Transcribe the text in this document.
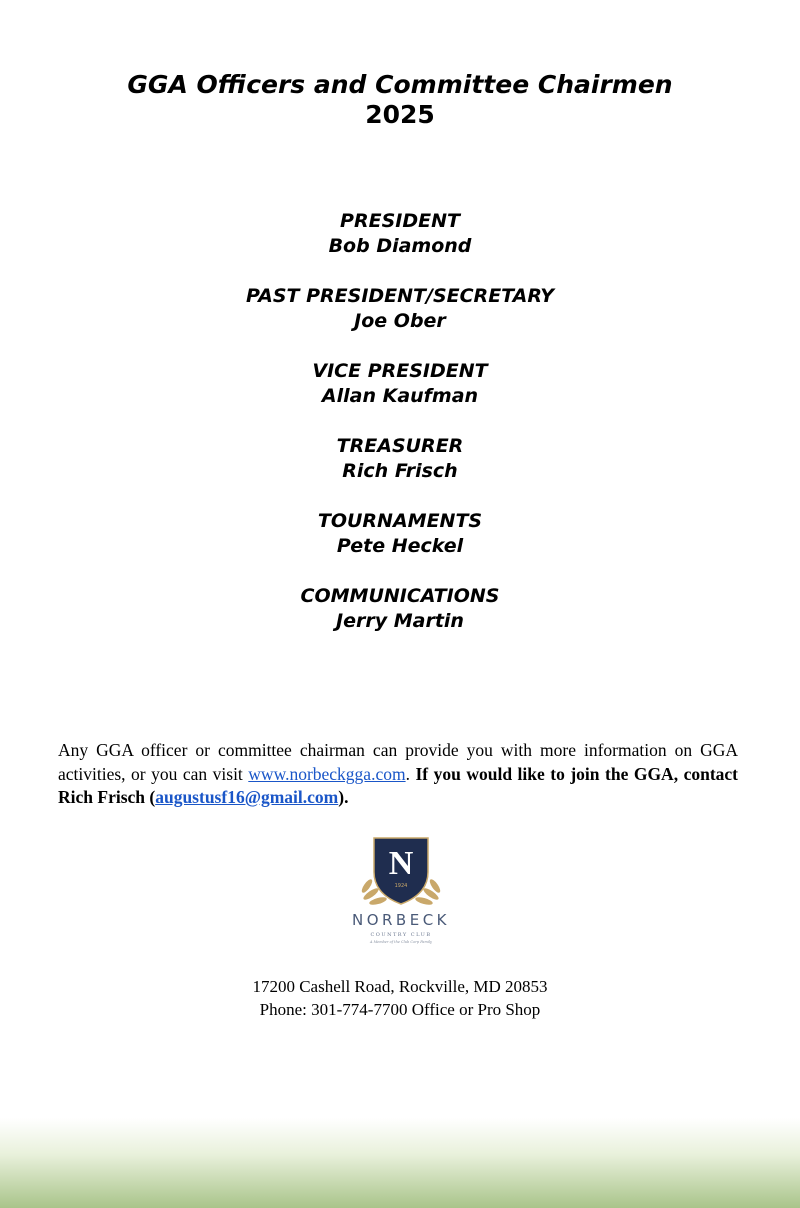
GGA Officers and Committee Chairmen
2025
PRESIDENT
Bob Diamond
PAST PRESIDENT/SECRETARY
Joe Ober
VICE PRESIDENT
Allan Kaufman
TREASURER
Rich Frisch
TOURNAMENTS
Pete Heckel
COMMUNICATIONS
Jerry Martin
Any GGA officer or committee chairman can provide you with more information on GGA activities, or you can visit www.norbeckgga.com. If you would like to join the GGA, contact Rich Frisch (augustusf16@gmail.com).
N
1924
NORBECK
COUNTRY CLUB
A Member of the Club Corp Family
17200 Cashell Road, Rockville, MD 20853
Phone: 301-774-7700 Office or Pro Shop
